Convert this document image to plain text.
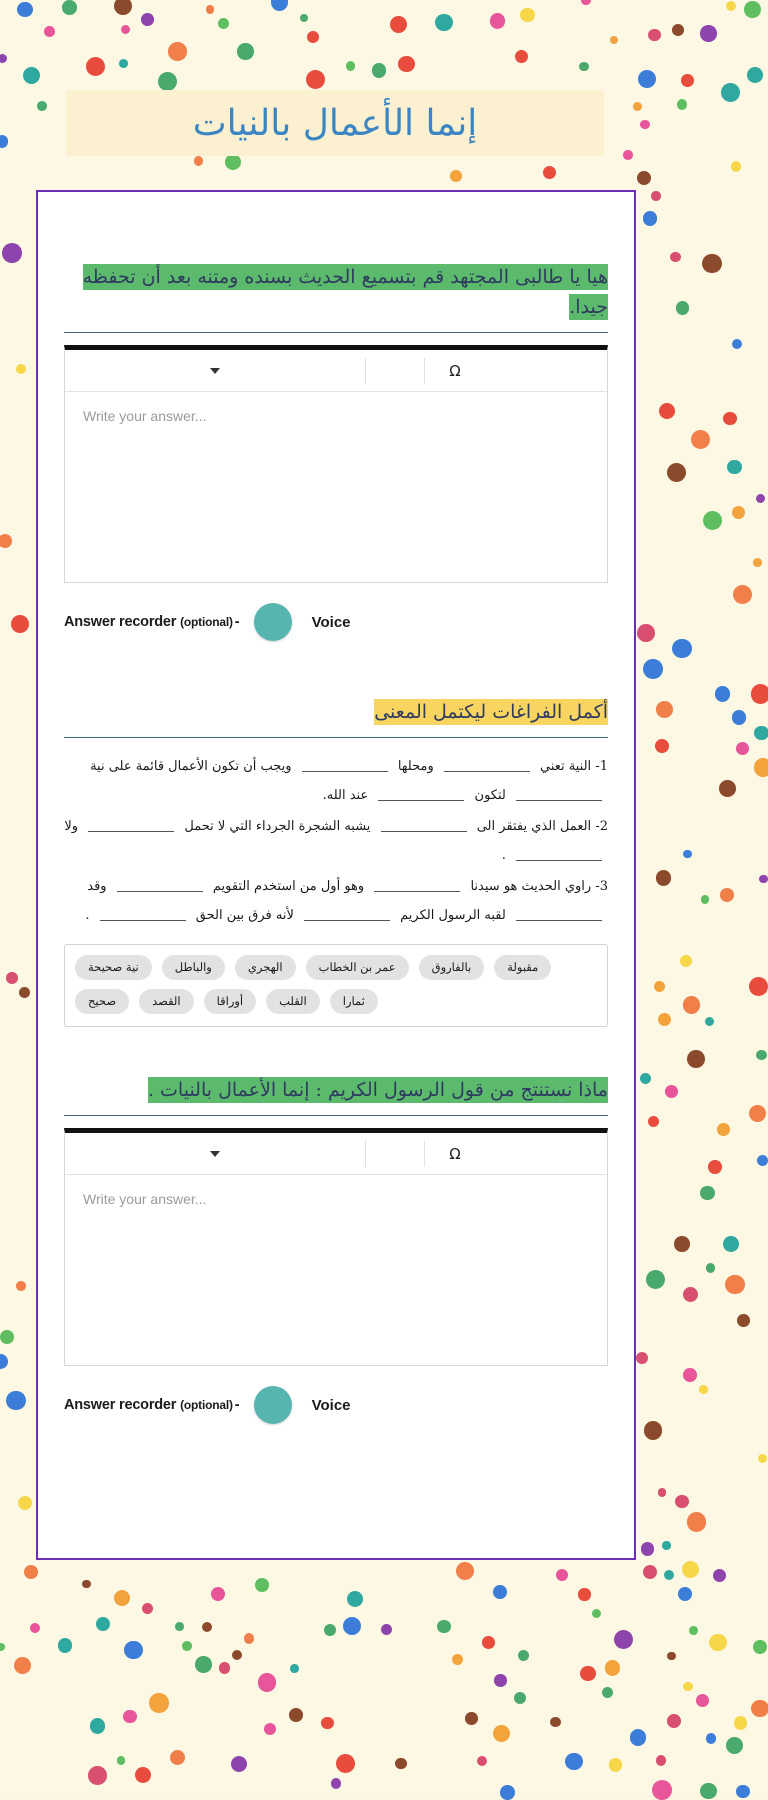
إنما الأعمال بالنيات
هيا يا طالبى المجتهد قم بتسميع الحديث بسنده ومتنه بعد أن تحفظه جيدا.
Ω
Write your answer...
Answer recorder (optional) -	Voice
أكمل الفراغات ليكتمل المعنى
1- النية تعني  ومحلها  ويجب أن تكون الأعمال قائمة على نية  لتكون  عند الله.
2- العمل الذي يفتقر الى  يشبه الشجرة الجرداء التي لا تحمل  ولا  .
3- راوي الحديث هو سيدنا  وهو أول من استخدم التقويم  وقد  لقبه الرسول الكريم  لأنه فرق بين الحق  .
مقبولة
بالفاروق
عمر بن الخطاب
الهجري
والباطل
نية صحيحة
ثمارا
القلب
أوراقا
القصد
صحيح
ماذا نستنتج من قول الرسول الكريم : إنما الأعمال بالنيات .
Ω
Write your answer...
Answer recorder (optional) -	Voice
